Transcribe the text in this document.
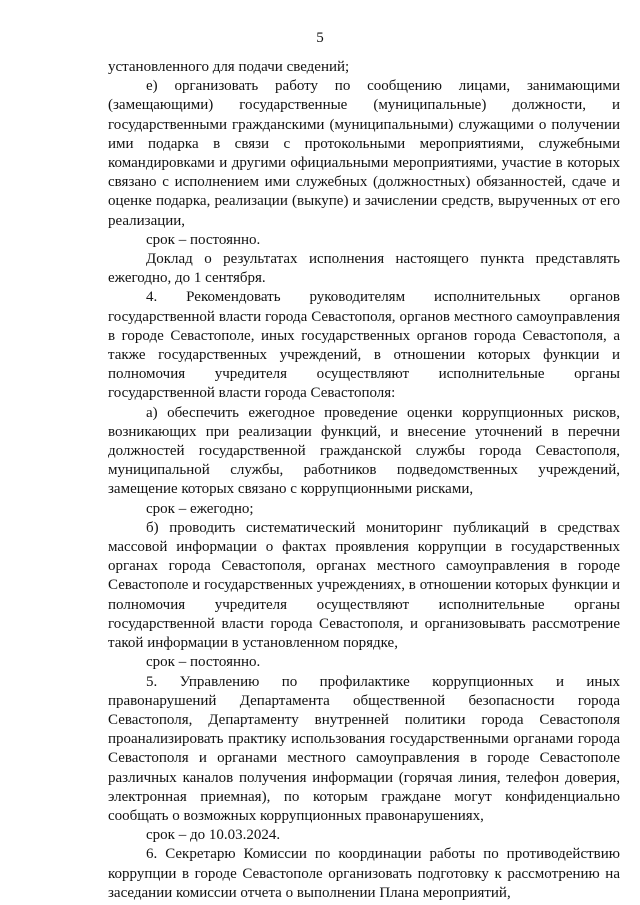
5

установленного для подачи сведений;

е) организовать работу по сообщению лицами, занимающими (замещающими) государственные (муниципальные) должности, и государственными гражданскими (муниципальными) служащими о получении ими подарка в связи с протокольными мероприятиями, служебными командировками и другими официальными мероприятиями, участие в которых связано с исполнением ими служебных (должностных) обязанностей, сдаче и оценке подарка, реализации (выкупе) и зачислении средств, вырученных от его реализации,

срок – постоянно.

Доклад о результатах исполнения настоящего пункта представлять ежегодно, до 1 сентября.

4. Рекомендовать руководителям исполнительных органов государственной власти города Севастополя, органов местного самоуправления в городе Севастополе, иных государственных органов города Севастополя, а также государственных учреждений, в отношении которых функции и полномочия учредителя осуществляют исполнительные органы государственной власти города Севастополя:

а) обеспечить ежегодное проведение оценки коррупционных рисков, возникающих при реализации функций, и внесение уточнений в перечни должностей государственной гражданской службы города Севастополя, муниципальной службы, работников подведомственных учреждений, замещение которых связано с коррупционными рисками,

срок – ежегодно;

б) проводить систематический мониторинг публикаций в средствах массовой информации о фактах проявления коррупции в государственных органах города Севастополя, органах местного самоуправления в городе Севастополе и государственных учреждениях, в отношении которых функции и полномочия учредителя осуществляют исполнительные органы государственной власти города Севастополя, и организовывать рассмотрение такой информации в установленном порядке,

срок – постоянно.

5. Управлению по профилактике коррупционных и иных правонарушений Департамента общественной безопасности города Севастополя, Департаменту внутренней политики города Севастополя проанализировать практику использования государственными органами города Севастополя и органами местного самоуправления в городе Севастополе различных каналов получения информации (горячая линия, телефон доверия, электронная приемная), по которым граждане могут конфиденциально сообщать о возможных коррупционных правонарушениях,

срок – до 10.03.2024.

6. Секретарю Комиссии по координации работы по противодействию коррупции в городе Севастополе организовать подготовку к рассмотрению на заседании комиссии отчета о выполнении Плана мероприятий,
